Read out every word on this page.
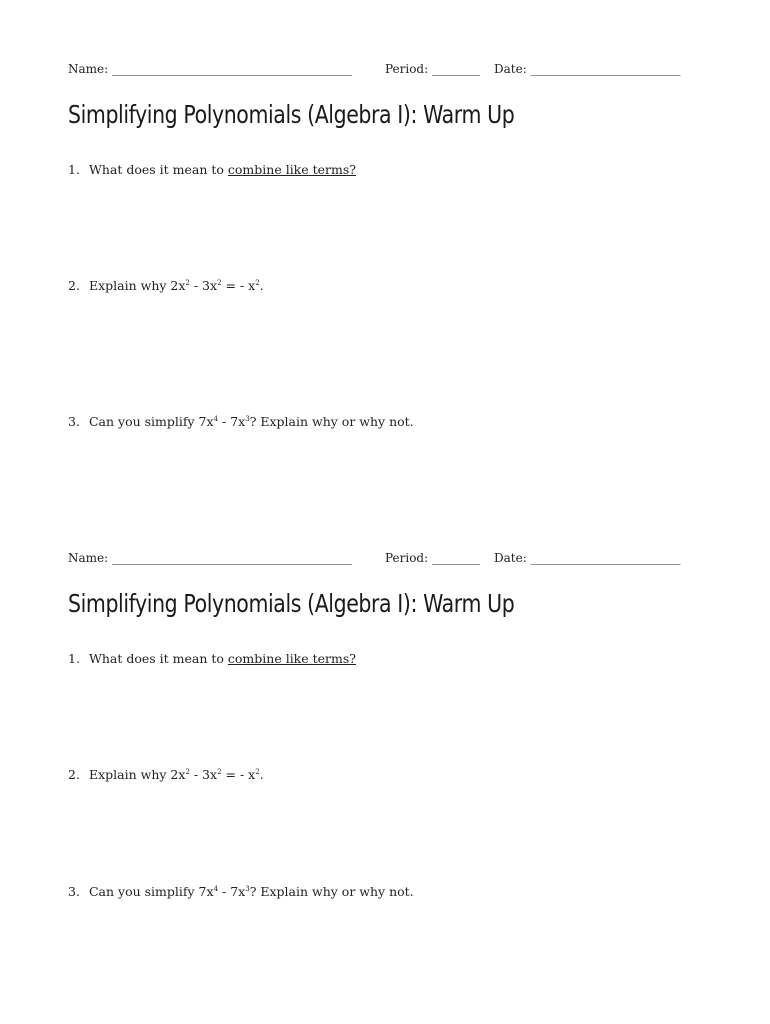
Name: ________________________________________	Period: ________ Date: _________________________
Simplifying Polynomials (Algebra I): Warm Up
1. What does it mean to combine like terms?
2. Explain why $2x^2 - 3x^2$ = - $x^2$.
3. Can you simplify $7x^4 - 7x^3$? Explain why or why not.
Name: ________________________________________	Period: ________ Date: _________________________
Simplifying Polynomials (Algebra I): Warm Up
1. What does it mean to combine like terms?
2. Explain why $2x^2 - 3x^2$ = - $x^2$.
3. Can you simplify $7x^4 - 7x^3$? Explain why or why not.
